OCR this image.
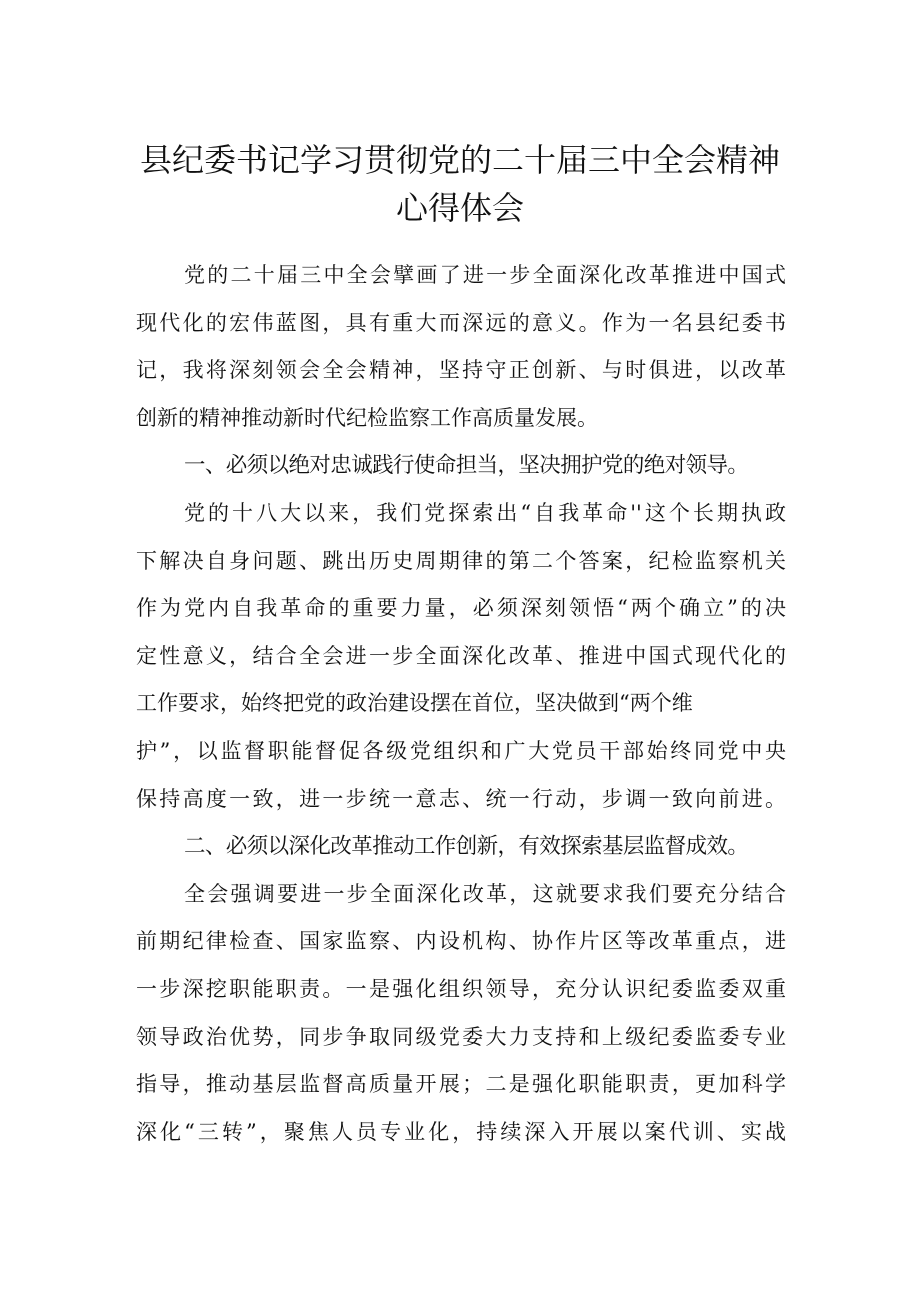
县纪委书记学习贯彻党的二十届三中全会精神
心得体会
党的二十届三中全会擘画了进一步全面深化改革推进中国式
现代化的宏伟蓝图，具有重大而深远的意义。作为一名县纪委书
记，我将深刻领会全会精神，坚持守正创新、与时俱进，以改革
创新的精神推动新时代纪检监察工作高质量发展。
一、必须以绝对忠诚践行使命担当，坚决拥护党的绝对领导。
党的十八大以来，我们党探索出“自我革命''这个长期执政
下解决自身问题、跳出历史周期律的第二个答案，纪检监察机关
作为党内自我革命的重要力量，必须深刻领悟“两个确立”的决
定性意义，结合全会进一步全面深化改革、推进中国式现代化的
工作要求，始终把党的政治建设摆在首位，坚决做到“两个维
护”，以监督职能督促各级党组织和广大党员干部始终同党中央
保持高度一致，进一步统一意志、统一行动，步调一致向前进。
二、必须以深化改革推动工作创新，有效探索基层监督成效。
全会强调要进一步全面深化改革，这就要求我们要充分结合
前期纪律检查、国家监察、内设机构、协作片区等改革重点，进
一步深挖职能职责。一是强化组织领导，充分认识纪委监委双重
领导政治优势，同步争取同级党委大力支持和上级纪委监委专业
指导，推动基层监督高质量开展；二是强化职能职责，更加科学
深化“三转”，聚焦人员专业化，持续深入开展以案代训、实战
